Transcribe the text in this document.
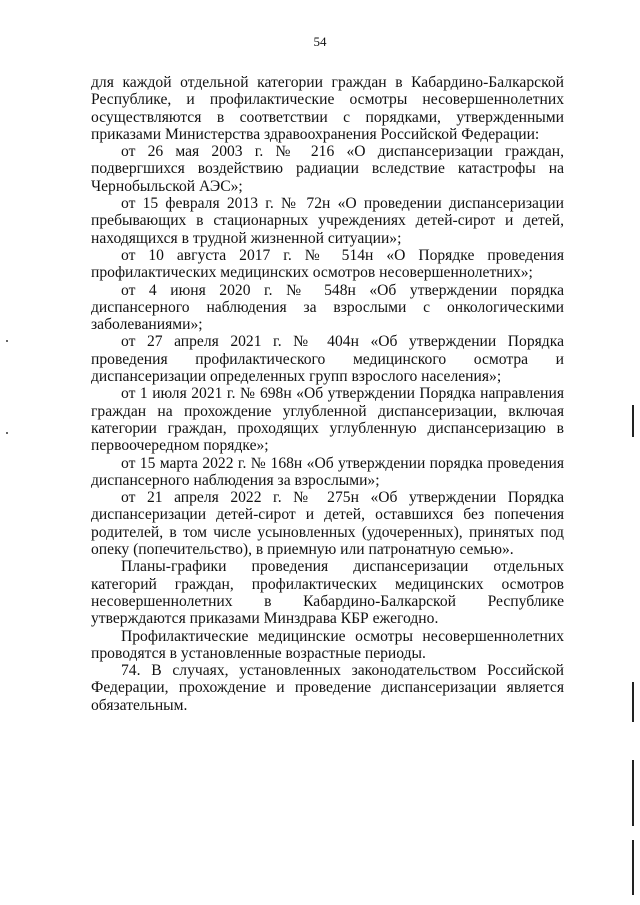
54

для каждой отдельной категории граждан в Кабардино-Балкарской Республике, и профилактические осмотры несовершеннолетних осуществляются в соответствии с порядками, утвержденными приказами Министерства здравоохранения Российской Федерации:

от 26 мая 2003 г. № 216 «О диспансеризации граждан, подвергшихся воздействию радиации вследствие катастрофы на Чернобыльской АЭС»;

от 15 февраля 2013 г. № 72н «О проведении диспансеризации пребывающих в стационарных учреждениях детей-сирот и детей, находящихся в трудной жизненной ситуации»;

от 10 августа 2017 г. № 514н «О Порядке проведения профилактических медицинских осмотров несовершеннолетних»;

от 4 июня 2020 г. № 548н «Об утверждении порядка диспансерного наблюдения за взрослыми с онкологическими заболеваниями»;

от 27 апреля 2021 г. № 404н «Об утверждении Порядка проведения профилактического медицинского осмотра и диспансеризации определенных групп взрослого населения»;

от 1 июля 2021 г. № 698н «Об утверждении Порядка направления граждан на прохождение углубленной диспансеризации, включая категории граждан, проходящих углубленную диспансеризацию в первоочередном порядке»;

от 15 марта 2022 г. № 168н «Об утверждении порядка проведения диспансерного наблюдения за взрослыми»;

от 21 апреля 2022 г. № 275н «Об утверждении Порядка диспансеризации детей-сирот и детей, оставшихся без попечения родителей, в том числе усыновленных (удочеренных), принятых под опеку (попечительство), в приемную или патронатную семью».

Планы-графики проведения диспансеризации отдельных категорий граждан, профилактических медицинских осмотров несовершеннолетних в Кабардино-Балкарской Республике утверждаются приказами Минздрава КБР ежегодно.

Профилактические медицинские осмотры несовершеннолетних проводятся в установленные возрастные периоды.

74. В случаях, установленных законодательством Российской Федерации, прохождение и проведение диспансеризации является обязательным.
